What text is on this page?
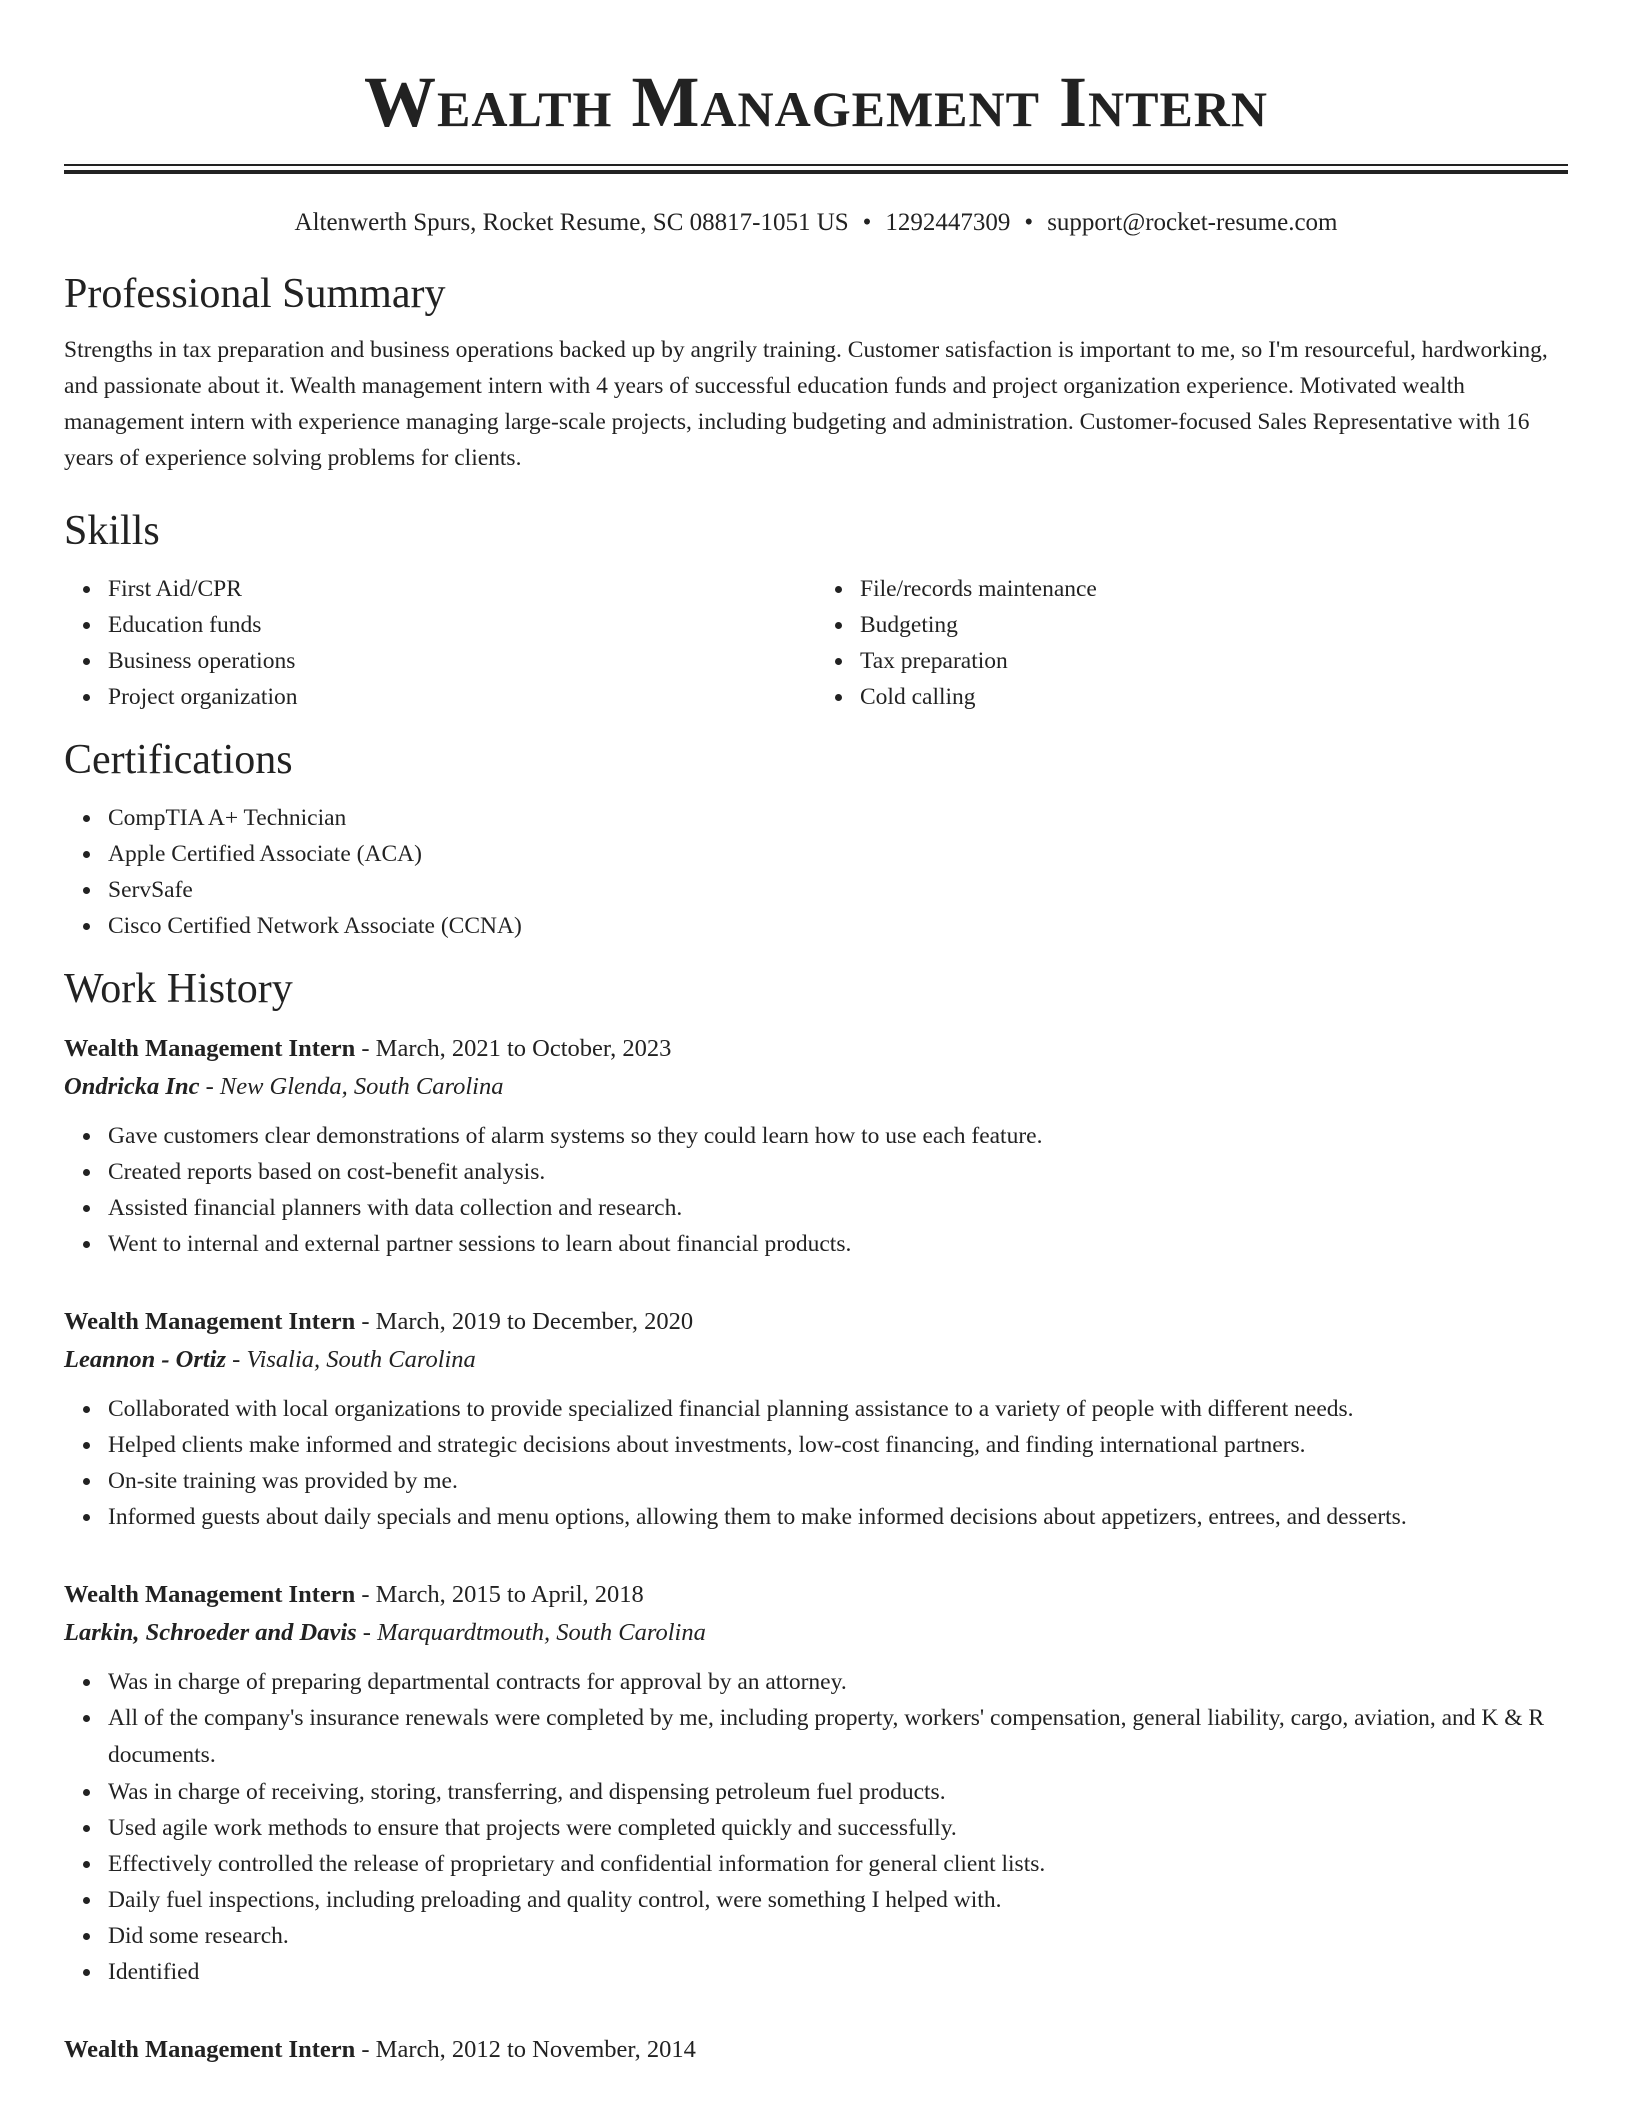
Wealth Management Intern
Altenwerth Spurs, Rocket Resume, SC 08817-1051 US • 1292447309 • support@rocket-resume.com
Professional Summary
Strengths in tax preparation and business operations backed up by angrily training. Customer satisfaction is important to me, so I'm resourceful, hardworking, and passionate about it. Wealth management intern with 4 years of successful education funds and project organization experience. Motivated wealth management intern with experience managing large-scale projects, including budgeting and administration. Customer-focused Sales Representative with 16 years of experience solving problems for clients.
Skills
First Aid/CPR
Education funds
Business operations
Project organization
File/records maintenance
Budgeting
Tax preparation
Cold calling
Certifications
CompTIA A+ Technician
Apple Certified Associate (ACA)
ServSafe
Cisco Certified Network Associate (CCNA)
Work History
Wealth Management Intern - March, 2021 to October, 2023
Ondricka Inc - New Glenda, South Carolina
Gave customers clear demonstrations of alarm systems so they could learn how to use each feature.
Created reports based on cost-benefit analysis.
Assisted financial planners with data collection and research.
Went to internal and external partner sessions to learn about financial products.
Wealth Management Intern - March, 2019 to December, 2020
Leannon - Ortiz - Visalia, South Carolina
Collaborated with local organizations to provide specialized financial planning assistance to a variety of people with different needs.
Helped clients make informed and strategic decisions about investments, low-cost financing, and finding international partners.
On-site training was provided by me.
Informed guests about daily specials and menu options, allowing them to make informed decisions about appetizers, entrees, and desserts.
Wealth Management Intern - March, 2015 to April, 2018
Larkin, Schroeder and Davis - Marquardtmouth, South Carolina
Was in charge of preparing departmental contracts for approval by an attorney.
All of the company's insurance renewals were completed by me, including property, workers' compensation, general liability, cargo, aviation, and K & R documents.
Was in charge of receiving, storing, transferring, and dispensing petroleum fuel products.
Used agile work methods to ensure that projects were completed quickly and successfully.
Effectively controlled the release of proprietary and confidential information for general client lists.
Daily fuel inspections, including preloading and quality control, were something I helped with.
Did some research.
Identified
Wealth Management Intern - March, 2012 to November, 2014
